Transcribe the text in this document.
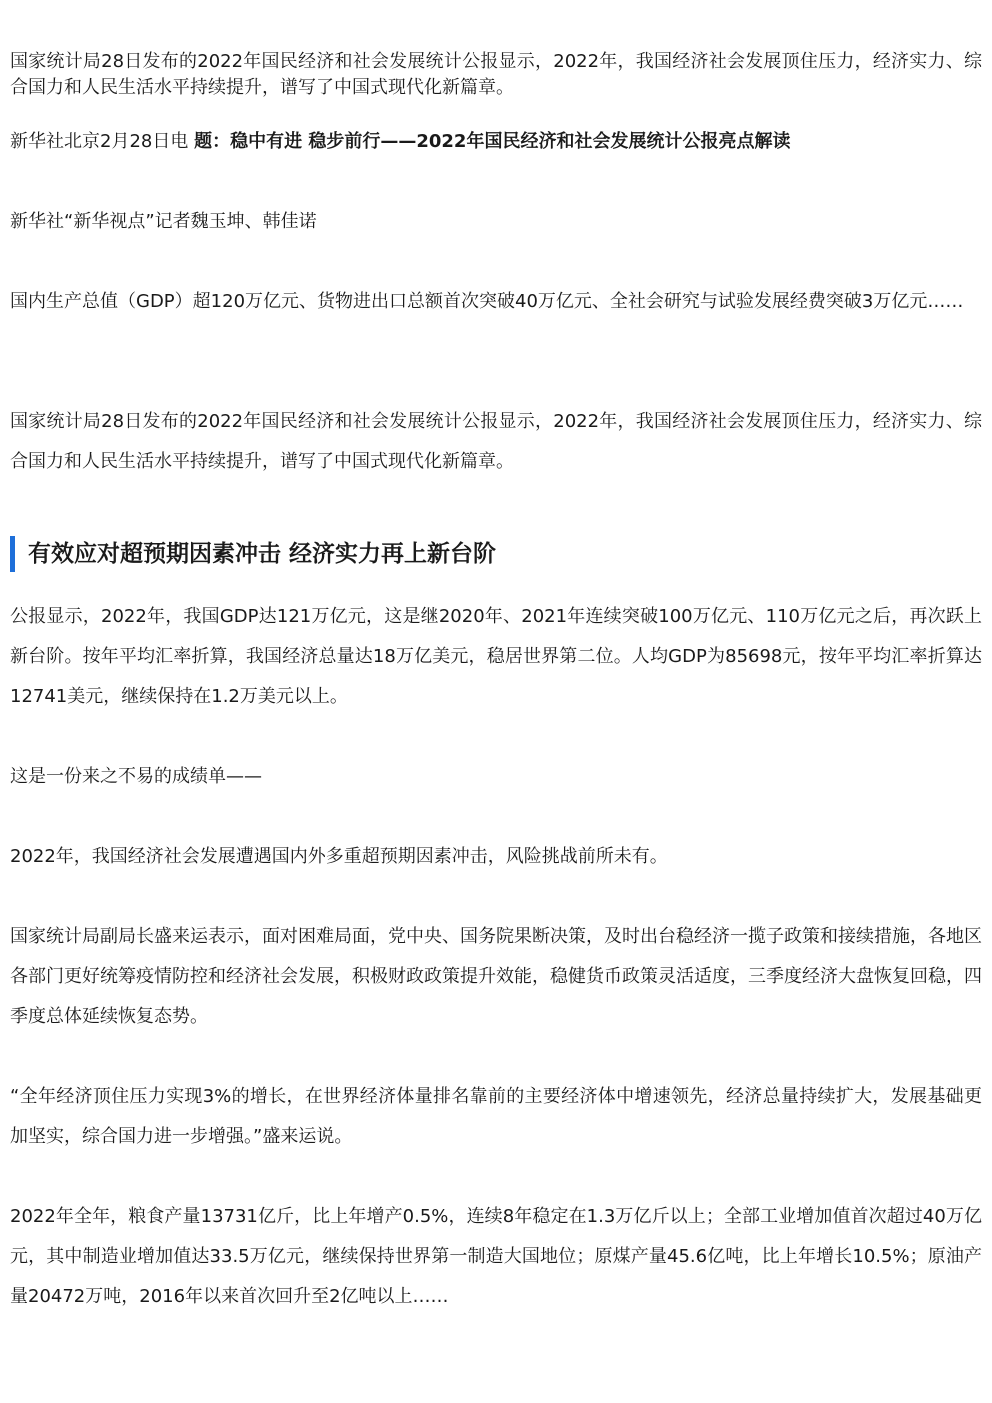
国家统计局28日发布的2022年国民经济和社会发展统计公报显示，2022年，我国经济社会发展顶住压力，经济实力、综合国力和人民生活水平持续提升，谱写了中国式现代化新篇章。

新华社北京2月28日电 题：稳中有进 稳步前行——2022年国民经济和社会发展统计公报亮点解读

新华社“新华视点”记者魏玉坤、韩佳诺

国内生产总值（GDP）超120万亿元、货物进出口总额首次突破40万亿元、全社会研究与试验发展经费突破3万亿元……

国家统计局28日发布的2022年国民经济和社会发展统计公报显示，2022年，我国经济社会发展顶住压力，经济实力、综合国力和人民生活水平持续提升，谱写了中国式现代化新篇章。

有效应对超预期因素冲击 经济实力再上新台阶

公报显示，2022年，我国GDP达121万亿元，这是继2020年、2021年连续突破100万亿元、110万亿元之后，再次跃上新台阶。按年平均汇率折算，我国经济总量达18万亿美元，稳居世界第二位。人均GDP为85698元，按年平均汇率折算达12741美元，继续保持在1.2万美元以上。

这是一份来之不易的成绩单——

2022年，我国经济社会发展遭遇国内外多重超预期因素冲击，风险挑战前所未有。

国家统计局副局长盛来运表示，面对困难局面，党中央、国务院果断决策，及时出台稳经济一揽子政策和接续措施，各地区各部门更好统筹疫情防控和经济社会发展，积极财政政策提升效能，稳健货币政策灵活适度，三季度经济大盘恢复回稳，四季度总体延续恢复态势。

“全年经济顶住压力实现3%的增长，在世界经济体量排名靠前的主要经济体中增速领先，经济总量持续扩大，发展基础更加坚实，综合国力进一步增强。”盛来运说。

2022年全年，粮食产量13731亿斤，比上年增产0.5%，连续8年稳定在1.3万亿斤以上；全部工业增加值首次超过40万亿元，其中制造业增加值达33.5万亿元，继续保持世界第一制造大国地位；原煤产量45.6亿吨，比上年增长10.5%；原油产量20472万吨，2016年以来首次回升至2亿吨以上……
